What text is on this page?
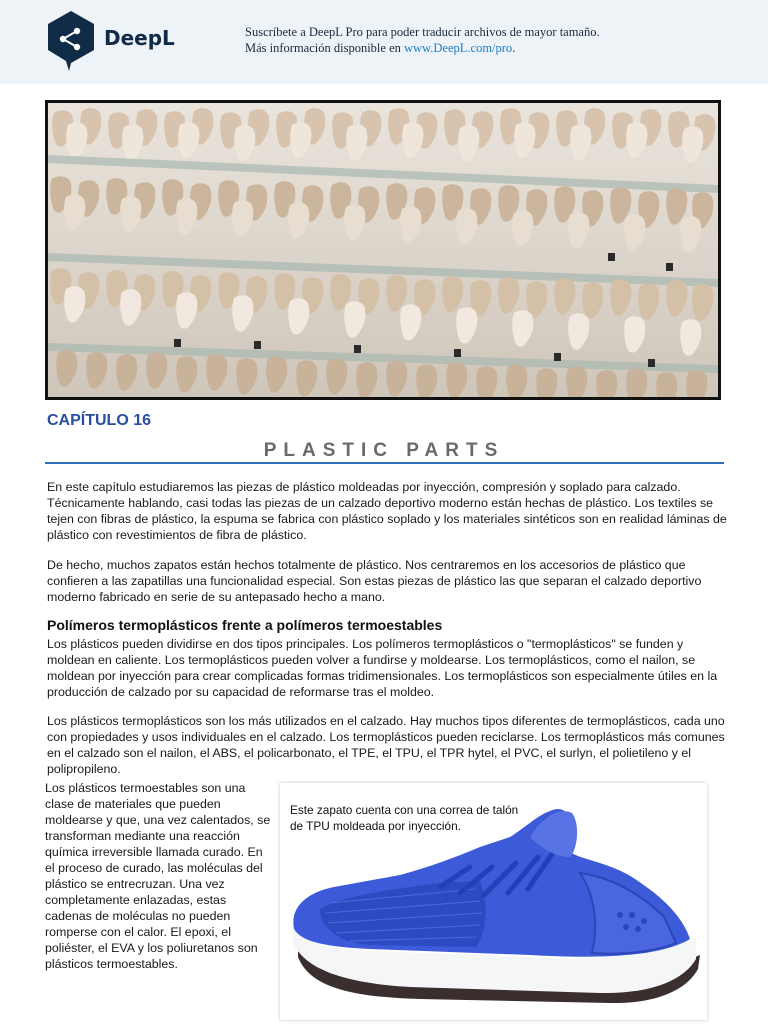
DeepL	Suscríbete a DeepL Pro para poder traducir archivos de mayor tamaño.
Más información disponible en www.DeepL.com/pro.
CAPÍTULO 16
PLASTIC PARTS

En este capítulo estudiaremos las piezas de plástico moldeadas por inyección, compresión y soplado para calzado. Técnicamente hablando, casi todas las piezas de un calzado deportivo moderno están hechas de plástico. Los textiles se tejen con fibras de plástico, la espuma se fabrica con plástico soplado y los materiales sintéticos son en realidad láminas de plástico con revestimientos de fibra de plástico.

De hecho, muchos zapatos están hechos totalmente de plástico. Nos centraremos en los accesorios de plástico que confieren a las zapatillas una funcionalidad especial. Son estas piezas de plástico las que separan el calzado deportivo moderno fabricado en serie de su antepasado hecho a mano.

Polímeros termoplásticos frente a polímeros termoestables

Los plásticos pueden dividirse en dos tipos principales. Los polímeros termoplásticos o "termoplásticos" se funden y moldean en caliente. Los termoplásticos pueden volver a fundirse y moldearse. Los termoplásticos, como el nailon, se moldean por inyección para crear complicadas formas tridimensionales. Los termoplásticos son especialmente útiles en la producción de calzado por su capacidad de reformarse tras el moldeo.

Los plásticos termoplásticos son los más utilizados en el calzado. Hay muchos tipos diferentes de termoplásticos, cada uno con propiedades y usos individuales en el calzado. Los termoplásticos pueden reciclarse. Los termoplásticos más comunes en el calzado son el nailon, el ABS, el policarbonato, el TPE, el TPU, el TPR hytel, el PVC, el surlyn, el polietileno y el polipropileno.

Los plásticos termoestables son una clase de materiales que pueden moldearse y que, una vez calentados, se transforman mediante una reacción química irreversible llamada curado. En el proceso de curado, las moléculas del plástico se entrecruzan. Una vez completamente enlazadas, estas cadenas de moléculas no pueden romperse con el calor. El epoxi, el poliéster, el EVA y los poliuretanos son plásticos termoestables.

Este zapato cuenta con una correa de talón de TPU moldeada por inyección.
